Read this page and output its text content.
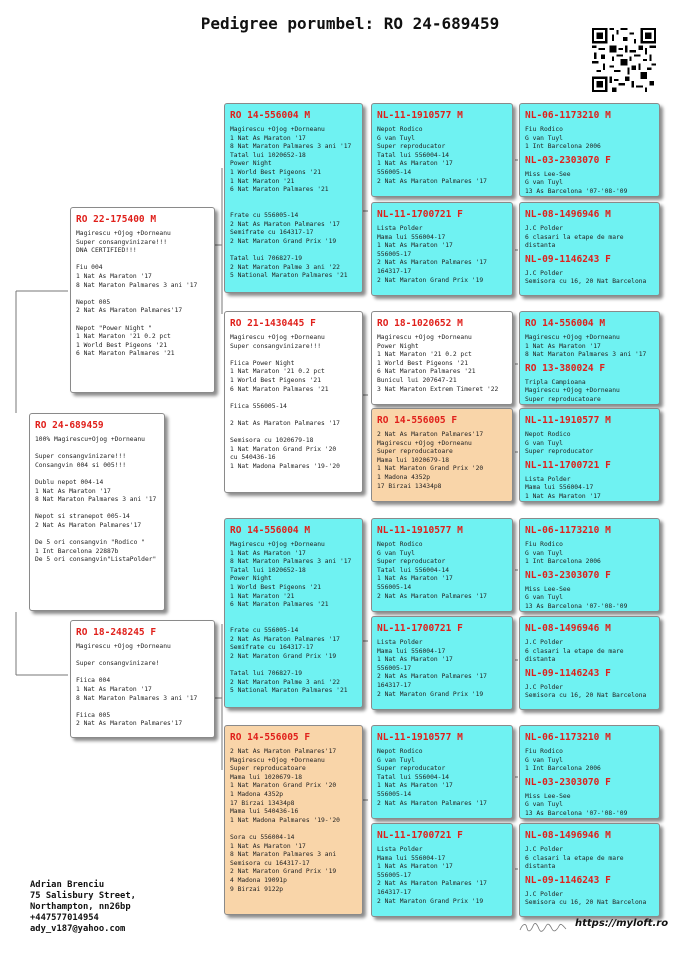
Pedigree porumbel: RO 24-689459
RO 24-689459
100% Magirescu+Ojog +Dorneanu
Super consangvinizare!!!
Consangvin 004 si 005!!!
Dublu nepot 004-14
1 Nat As Maraton '17
8 Nat Maraton Palmares 3 ani '17
Nepot si stranepot 005-14
2 Nat As Maraton Palmares'17
De 5 ori consangvin "Rodico "
1 Int Barcelona 22887b
De 5 ori consangvin"ListaPolder"
RO 22-175400 M
Magirescu +Ojog +Dorneanu
Super consangvinizare!!!
DNA CERTIFIED!!!
Fiu 004
1 Nat As Maraton '17
8 Nat Maraton Palmares 3 ani '17
Nepot 005
2 Nat As Maraton Palmares'17
Nepot "Power Night "
1 Nat Maraton '21 0.2 pct
1 World Best Pigeons '21
6 Nat Maraton Palmares '21
RO 18-248245 F
Magirescu +Ojog +Dorneanu
Super consangvinizare!
Fiica 004
1 Nat As Maraton '17
8 Nat Maraton Palmares 3 ani '17
Fiica 005
2 Nat As Maraton Palmares'17
RO 14-556004 M
Magirescu +Ojog +Dorneanu
1 Nat As Maraton '17
8 Nat Maraton Palmares 3 ani '17
Tatal lui 1020652-18
Power Night
1 World Best Pigeons '21
1 Nat Maraton '21
6 Nat Maraton Palmares '21
Frate cu 556005-14
2 Nat As Maraton Palmares '17
Semifrate cu 164317-17
2 Nat Maraton Grand Prix '19
Tatal lui 706827-19
2 Nat Maraton Palme 3 ani '22
5 National Maraton Palmares '21
RO 21-1430445 F
Magirescu +Ojog +Dorneanu
Super consangvinizare!!!
Fiica Power Night
1 Nat Maraton '21 0.2 pct
1 World Best Pigeons '21
6 Nat Maraton Palmares '21
Fiica 556005-14
2 Nat As Maraton Palmares '17
Semisora cu 1020679-18
1 Nat Maraton Grand Prix '20
cu 540436-16
1 Nat Madona Palmares '19-'20
RO 14-556004 M
Magirescu +Ojog +Dorneanu
1 Nat As Maraton '17
8 Nat Maraton Palmares 3 ani '17
Tatal lui 1020652-18
Power Night
1 World Best Pigeons '21
1 Nat Maraton '21
6 Nat Maraton Palmares '21
Frate cu 556005-14
2 Nat As Maraton Palmares '17
Semifrate cu 164317-17
2 Nat Maraton Grand Prix '19
Tatal lui 706827-19
2 Nat Maraton Palme 3 ani '22
5 National Maraton Palmares '21
RO 14-556005 F
2 Nat As Maraton Palmares'17
Magirescu +Ojog +Dorneanu
Super reproducatoare
Mama lui 1020679-18
1 Nat Maraton Grand Prix '20
1 Madona 4352p
17 Birzai 13434p8
Mama lui 540436-16
1 Nat Madona Palmares '19-'20
Sora cu 556004-14
1 Nat As Maraton '17
8 Nat Maraton Palmares 3 ani
Semisora cu 164317-17
2 Nat Maraton Grand Prix '19
4 Madona 19091p
9 Birzai 9122p
NL-11-1910577 M
Nepot Rodico
G van Tuyl
Super reproducator
Tatal lui 556004-14
1 Nat As Maraton '17
556005-14
2 Nat As Maraton Palmares '17
NL-11-1700721 F
Lista Polder
Mama lui 556004-17
1 Nat As Maraton '17
556005-17
2 Nat As Maraton Palmares '17
164317-17
2 Nat Maraton Grand Prix '19
RO 18-1020652 M
Magirescu +Ojog +Dorneanu
Power Night
1 Nat Maraton '21 0.2 pct
1 World Best Pigeons '21
6 Nat Maraton Palmares '21
Bunicul lui 207647-21
3 Nat Maraton Extrem Timeret '22
RO 14-556005 F
2 Nat As Maraton Palmares'17
Magirescu +Ojog +Dorneanu
Super reproducatoare
Mama lui 1020679-18
1 Nat Maraton Grand Prix '20
1 Madona 4352p
17 Birzai 13434p8
NL-11-1910577 M
Nepot Rodico
G van Tuyl
Super reproducator
Tatal lui 556004-14
1 Nat As Maraton '17
556005-14
2 Nat As Maraton Palmares '17
NL-11-1700721 F
Lista Polder
Mama lui 556004-17
1 Nat As Maraton '17
556005-17
2 Nat As Maraton Palmares '17
164317-17
2 Nat Maraton Grand Prix '19
NL-11-1910577 M
Nepot Rodico
G van Tuyl
Super reproducator
Tatal lui 556004-14
1 Nat As Maraton '17
556005-14
2 Nat As Maraton Palmares '17
NL-11-1700721 F
Lista Polder
Mama lui 556004-17
1 Nat As Maraton '17
556005-17
2 Nat As Maraton Palmares '17
164317-17
2 Nat Maraton Grand Prix '19
NL-06-1173210 M
Fiu Rodico
G van Tuyl
1 Int Barcelona 2006
NL-03-2303070 F
Miss Lee-See
G van Tuyl
13 As Barcelona '07-'08-'09
NL-08-1496946 M
J.C Polder
6 clasari la etape de mare
distanta
NL-09-1146243 F
J.C Polder
Semisora cu 16, 20 Nat Barcelona
RO 14-556004 M
Magirescu +Ojog +Dorneanu
1 Nat As Maraton '17
8 Nat Maraton Palmares 3 ani '17
RO 13-380024 F
Tripla Campioana
Magirescu +Ojog +Dorneanu
Super reproducatoare
NL-11-1910577 M
Nepot Rodico
G van Tuyl
Super reproducator
NL-11-1700721 F
Lista Polder
Mama lui 556004-17
1 Nat As Maraton '17
NL-06-1173210 M
Fiu Rodico
G van Tuyl
1 Int Barcelona 2006
NL-03-2303070 F
Miss Lee-See
G van Tuyl
13 As Barcelona '07-'08-'09
NL-08-1496946 M
J.C Polder
6 clasari la etape de mare
distanta
NL-09-1146243 F
J.C Polder
Semisora cu 16, 20 Nat Barcelona
NL-06-1173210 M
Fiu Rodico
G van Tuyl
1 Int Barcelona 2006
NL-03-2303070 F
Miss Lee-See
G van Tuyl
13 As Barcelona '07-'08-'09
NL-08-1496946 M
J.C Polder
6 clasari la etape de mare
distanta
NL-09-1146243 F
J.C Polder
Semisora cu 16, 20 Nat Barcelona
Adrian Brenciu
75 Salisbury Street,
Northampton, nn26bp
+447577014954
ady_v187@yahoo.com	https://myloft.ro
